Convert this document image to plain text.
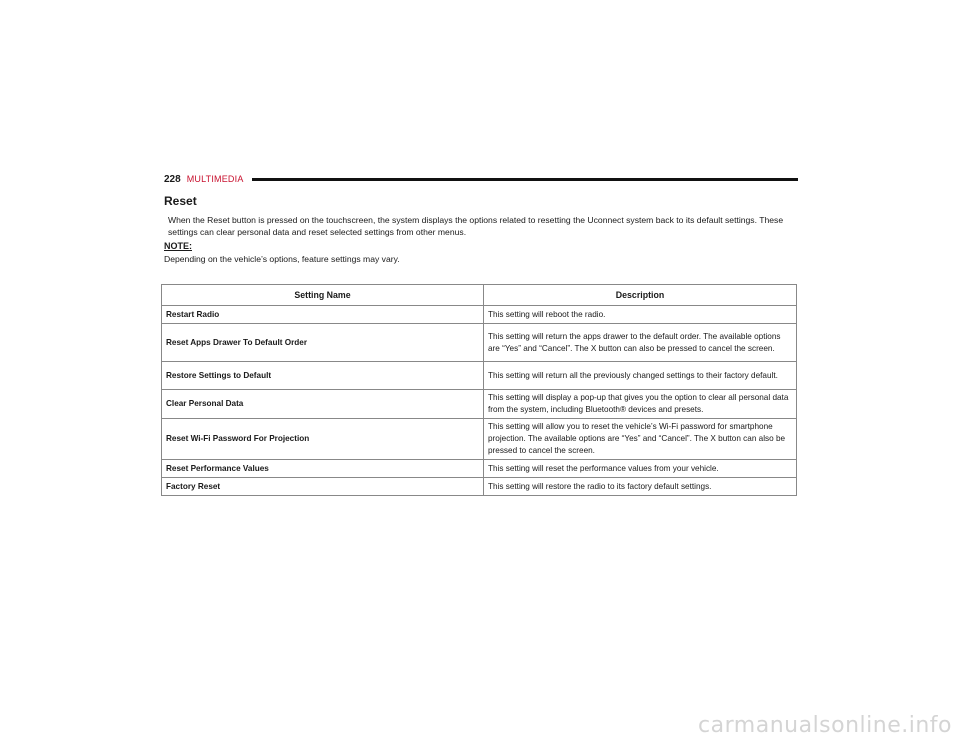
228 MULTIMEDIA
Reset
When the Reset button is pressed on the touchscreen, the system displays the options related to resetting the Uconnect system back to its default settings. These settings can clear personal data and reset selected settings from other menus.
NOTE:
Depending on the vehicle’s options, feature settings may vary.
Setting Name	Description
Restart Radio	This setting will reboot the radio.
Reset Apps Drawer To Default Order	This setting will return the apps drawer to the default order. The available options are “Yes” and “Cancel”. The X button can also be pressed to cancel the screen.
Restore Settings to Default	This setting will return all the previously changed settings to their factory default.
Clear Personal Data	This setting will display a pop-up that gives you the option to clear all personal data from the system, including Bluetooth® devices and presets.
Reset Wi-Fi Password For Projection	This setting will allow you to reset the vehicle’s Wi-Fi password for smartphone projection. The available options are “Yes” and “Cancel”. The X button can also be pressed to cancel the screen.
Reset Performance Values	This setting will reset the performance values from your vehicle.
Factory Reset	This setting will restore the radio to its factory default settings.
carmanualsonline.info
